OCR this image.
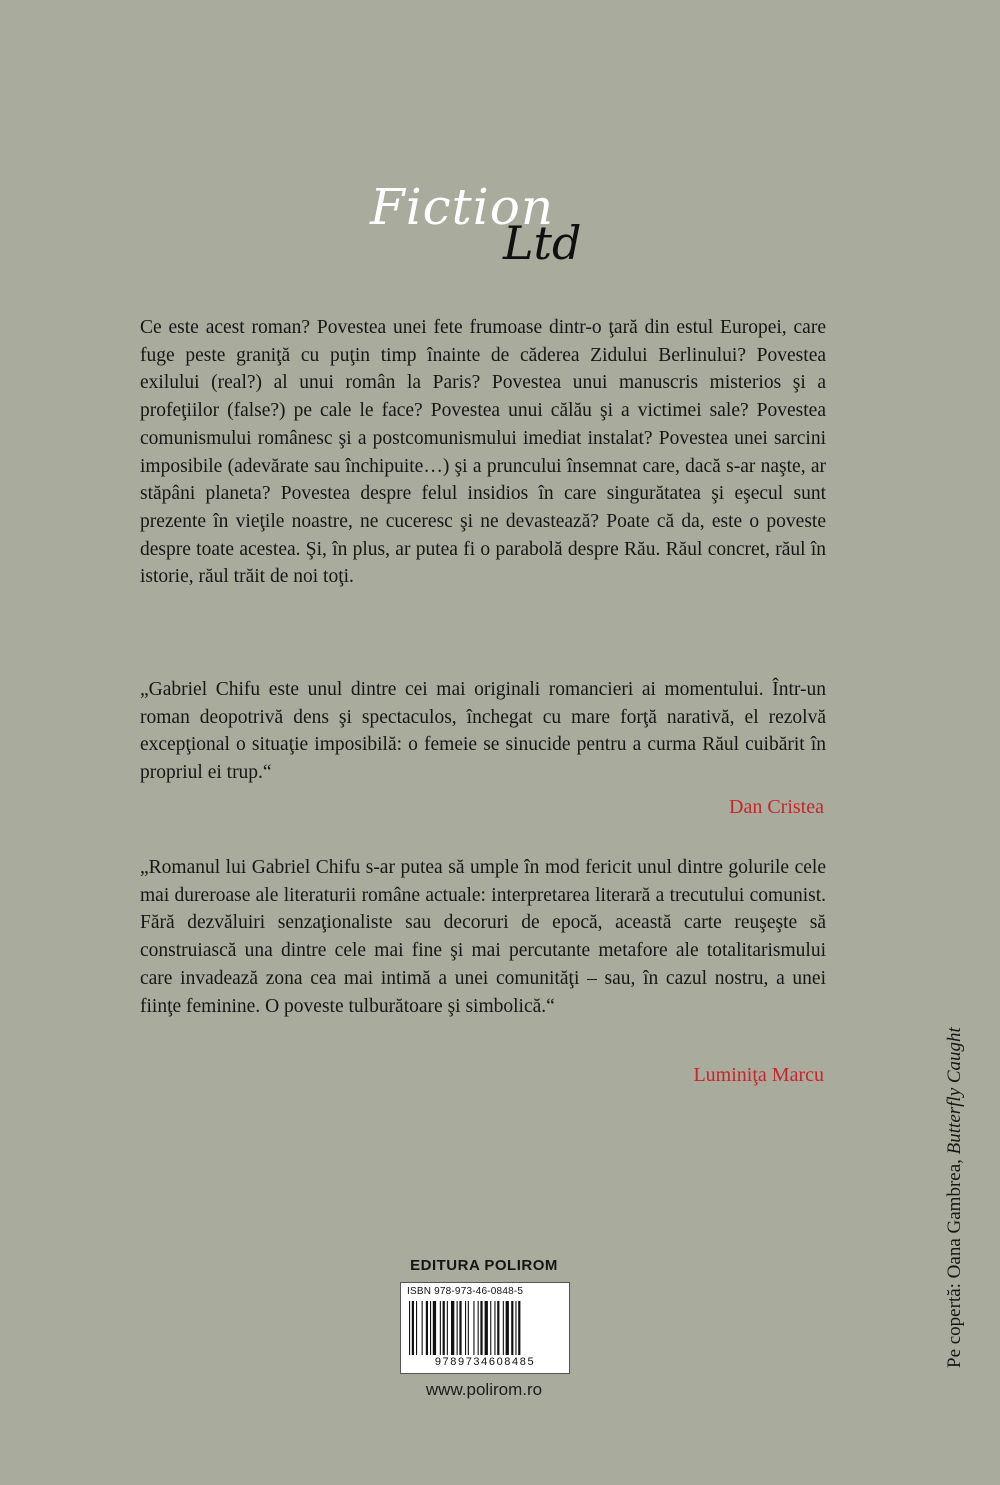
Fiction
Ltd

Ce este acest roman? Povestea unei fete frumoase dintr-o ţară din estul Europei, care fuge peste graniţă cu puţin timp înainte de căderea Zidului Berlinului? Povestea exilului (real?) al unui român la Paris? Povestea unui manuscris misterios şi a profeţiilor (false?) pe cale le face? Povestea unui călău şi a victimei sale? Povestea comunismului românesc şi a postcomunismului imediat instalat? Povestea unei sarcini imposibile (adevărate sau închipuite…) şi a pruncului însemnat care, dacă s-ar naşte, ar stăpâni planeta? Povestea despre felul insidios în care singurătatea şi eşecul sunt prezente în vieţile noastre, ne cuceresc şi ne devastează? Poate că da, este o poveste despre toate acestea. Şi, în plus, ar putea fi o parabolă despre Rău. Răul concret, răul în istorie, răul trăit de noi toţi.

„Gabriel Chifu este unul dintre cei mai originali romancieri ai momentului. Într-un roman deopotrivă dens şi spectaculos, închegat cu mare forţă narativă, el rezolvă excepţional o situaţie imposibilă: o femeie se sinucide pentru a curma Răul cuibărit în propriul ei trup.“

Dan Cristea

„Romanul lui Gabriel Chifu s-ar putea să umple în mod fericit unul dintre golurile cele mai dureroase ale literaturii române actuale: interpretarea literară a trecutului comunist. Fără dezvăluiri senzaţionaliste sau decoruri de epocă, această carte reuşeşte să construiască una dintre cele mai fine şi mai percutante metafore ale totalitarismului care invadează zona cea mai intimă a unei comunităţi – sau, în cazul nostru, a unei fiinţe feminine. O poveste tulburătoare şi simbolică.“

Luminiţa Marcu

EDITURA POLIROM
ISBN 978-973-46-0848-5
9789734608485
www.polirom.ro
Pe copertă: Oana Gambrea, Butterfly Caught
